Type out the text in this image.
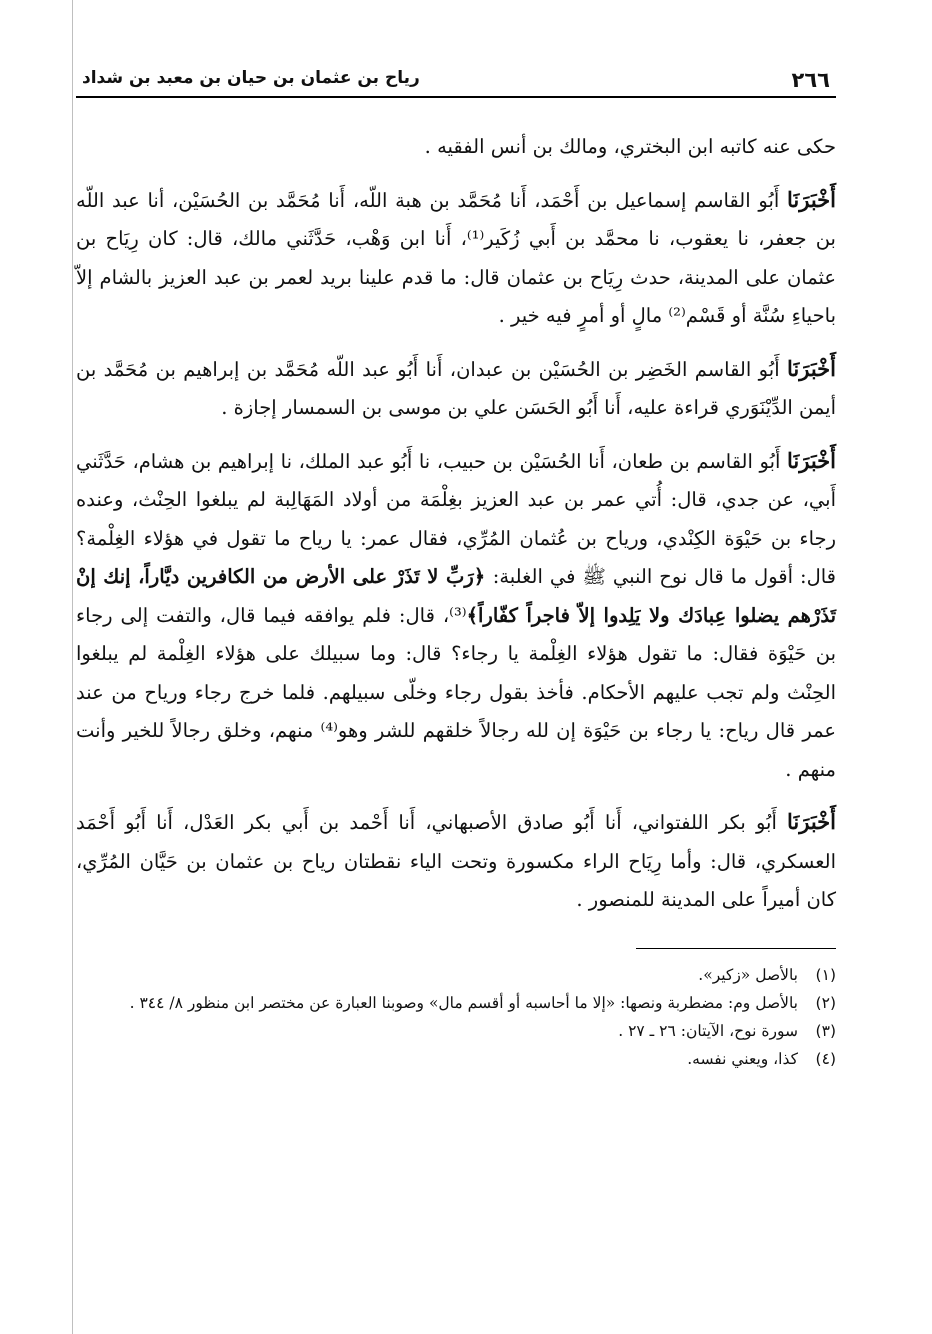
٢٦٦
رياح بن عثمان بن حيان بن معبد بن شداد

حكى عنه كاتبه ابن البختري، ومالك بن أنس الفقيه .

أَخْبَرَنَا أَبُو القاسم إسماعيل بن أَحْمَد، أَنا مُحَمَّد بن هبة اللّه، أَنا مُحَمَّد بن الحُسَيْن، أنا عبد اللّه بن جعفر، نا يعقوب، نا محمَّد بن أَبي زُكَير⁽¹⁾، أَنا ابن وَهْب، حَدَّثَني مالك، قال: كان رِيَاح بن عثمان على المدينة، حدث رِيَاح بن عثمان قال: ما قدم علينا بريد لعمر بن عبد العزيز بالشام إلاّ باحياءِ سُنَّة أو قَسْم⁽²⁾ مالٍ أو أمرٍ فيه خير .

أَخْبَرَنَا أَبُو القاسم الخَضِر بن الحُسَيْن بن عبدان، أَنا أَبُو عبد اللّه مُحَمَّد بن إبراهيم بن مُحَمَّد بن أيمن الدِّيْنَوَري قراءة عليه، أَنا أَبُو الحَسَن علي بن موسى بن السمسار إجازة .

أَخْبَرَنَا أَبُو القاسم بن طعان، أَنا الحُسَيْن بن حبيب، نا أَبُو عبد الملك، نا إبراهيم بن هشام، حَدَّثَني أَبي، عن جدي، قال: أُتي عمر بن عبد العزيز بغِلْمَة من أولاد المَهَالِبة لم يبلغوا الحِنْث، وعنده رجاء بن حَيْوَة الكِنْدي، ورياح بن عُثمان المُرِّي، فقال عمر: يا رياح ما تقول في هؤلاء الغِلْمة؟ قال: أقول ما قال نوح النبي ﷺ في الغلبة: ﴿رَبِّ لا تَذَرْ على الأرض من الكافرين ديَّاراً، إنك إنْ تَذَرْهم يضلوا عِبادَك ولا يَلِدوا إلاّ فاجراً كفّاراً﴾⁽³⁾، قال: فلم يوافقه فيما قال، والتفت إلى رجاء بن حَيْوَة فقال: ما تقول هؤلاء الغِلْمة يا رجاء؟ قال: وما سبيلك على هؤلاء الغِلْمة لم يبلغوا الحِنْث ولم تجب عليهم الأحكام. فأخذ بقول رجاء وخلّى سبيلهم. فلما خرج رجاء ورياح من عند عمر قال رياح: يا رجاء بن حَيْوَة إن لله رجالاً خلقهم للشر وهو⁽⁴⁾ منهم، وخلق رجالاً للخير وأنت منهم .

أَخْبَرَنَا أَبُو بكر اللفتواني، أَنا أَبُو صادق الأصبهاني، أَنا أَحْمد بن أَبي بكر العَدْل، أَنا أَبُو أَحْمَد العسكري، قال: وأما رِيَاح الراء مكسورة وتحت الياء نقطتان رياح بن عثمان بن حَيَّان المُرِّي، كان أميراً على المدينة للمنصور .

(١)
بالأصل «زكير».

(٢)
بالأصل وم: مضطربة ونصها: «إلا ما أحاسبه أو أقسم مال» وصوبنا العبارة عن مختصر ابن منظور ٨/ ٣٤٤ .

(٣)
سورة نوح، الآيتان: ٢٦ ـ ٢٧ .

(٤)
كذا، ويعني نفسه.
